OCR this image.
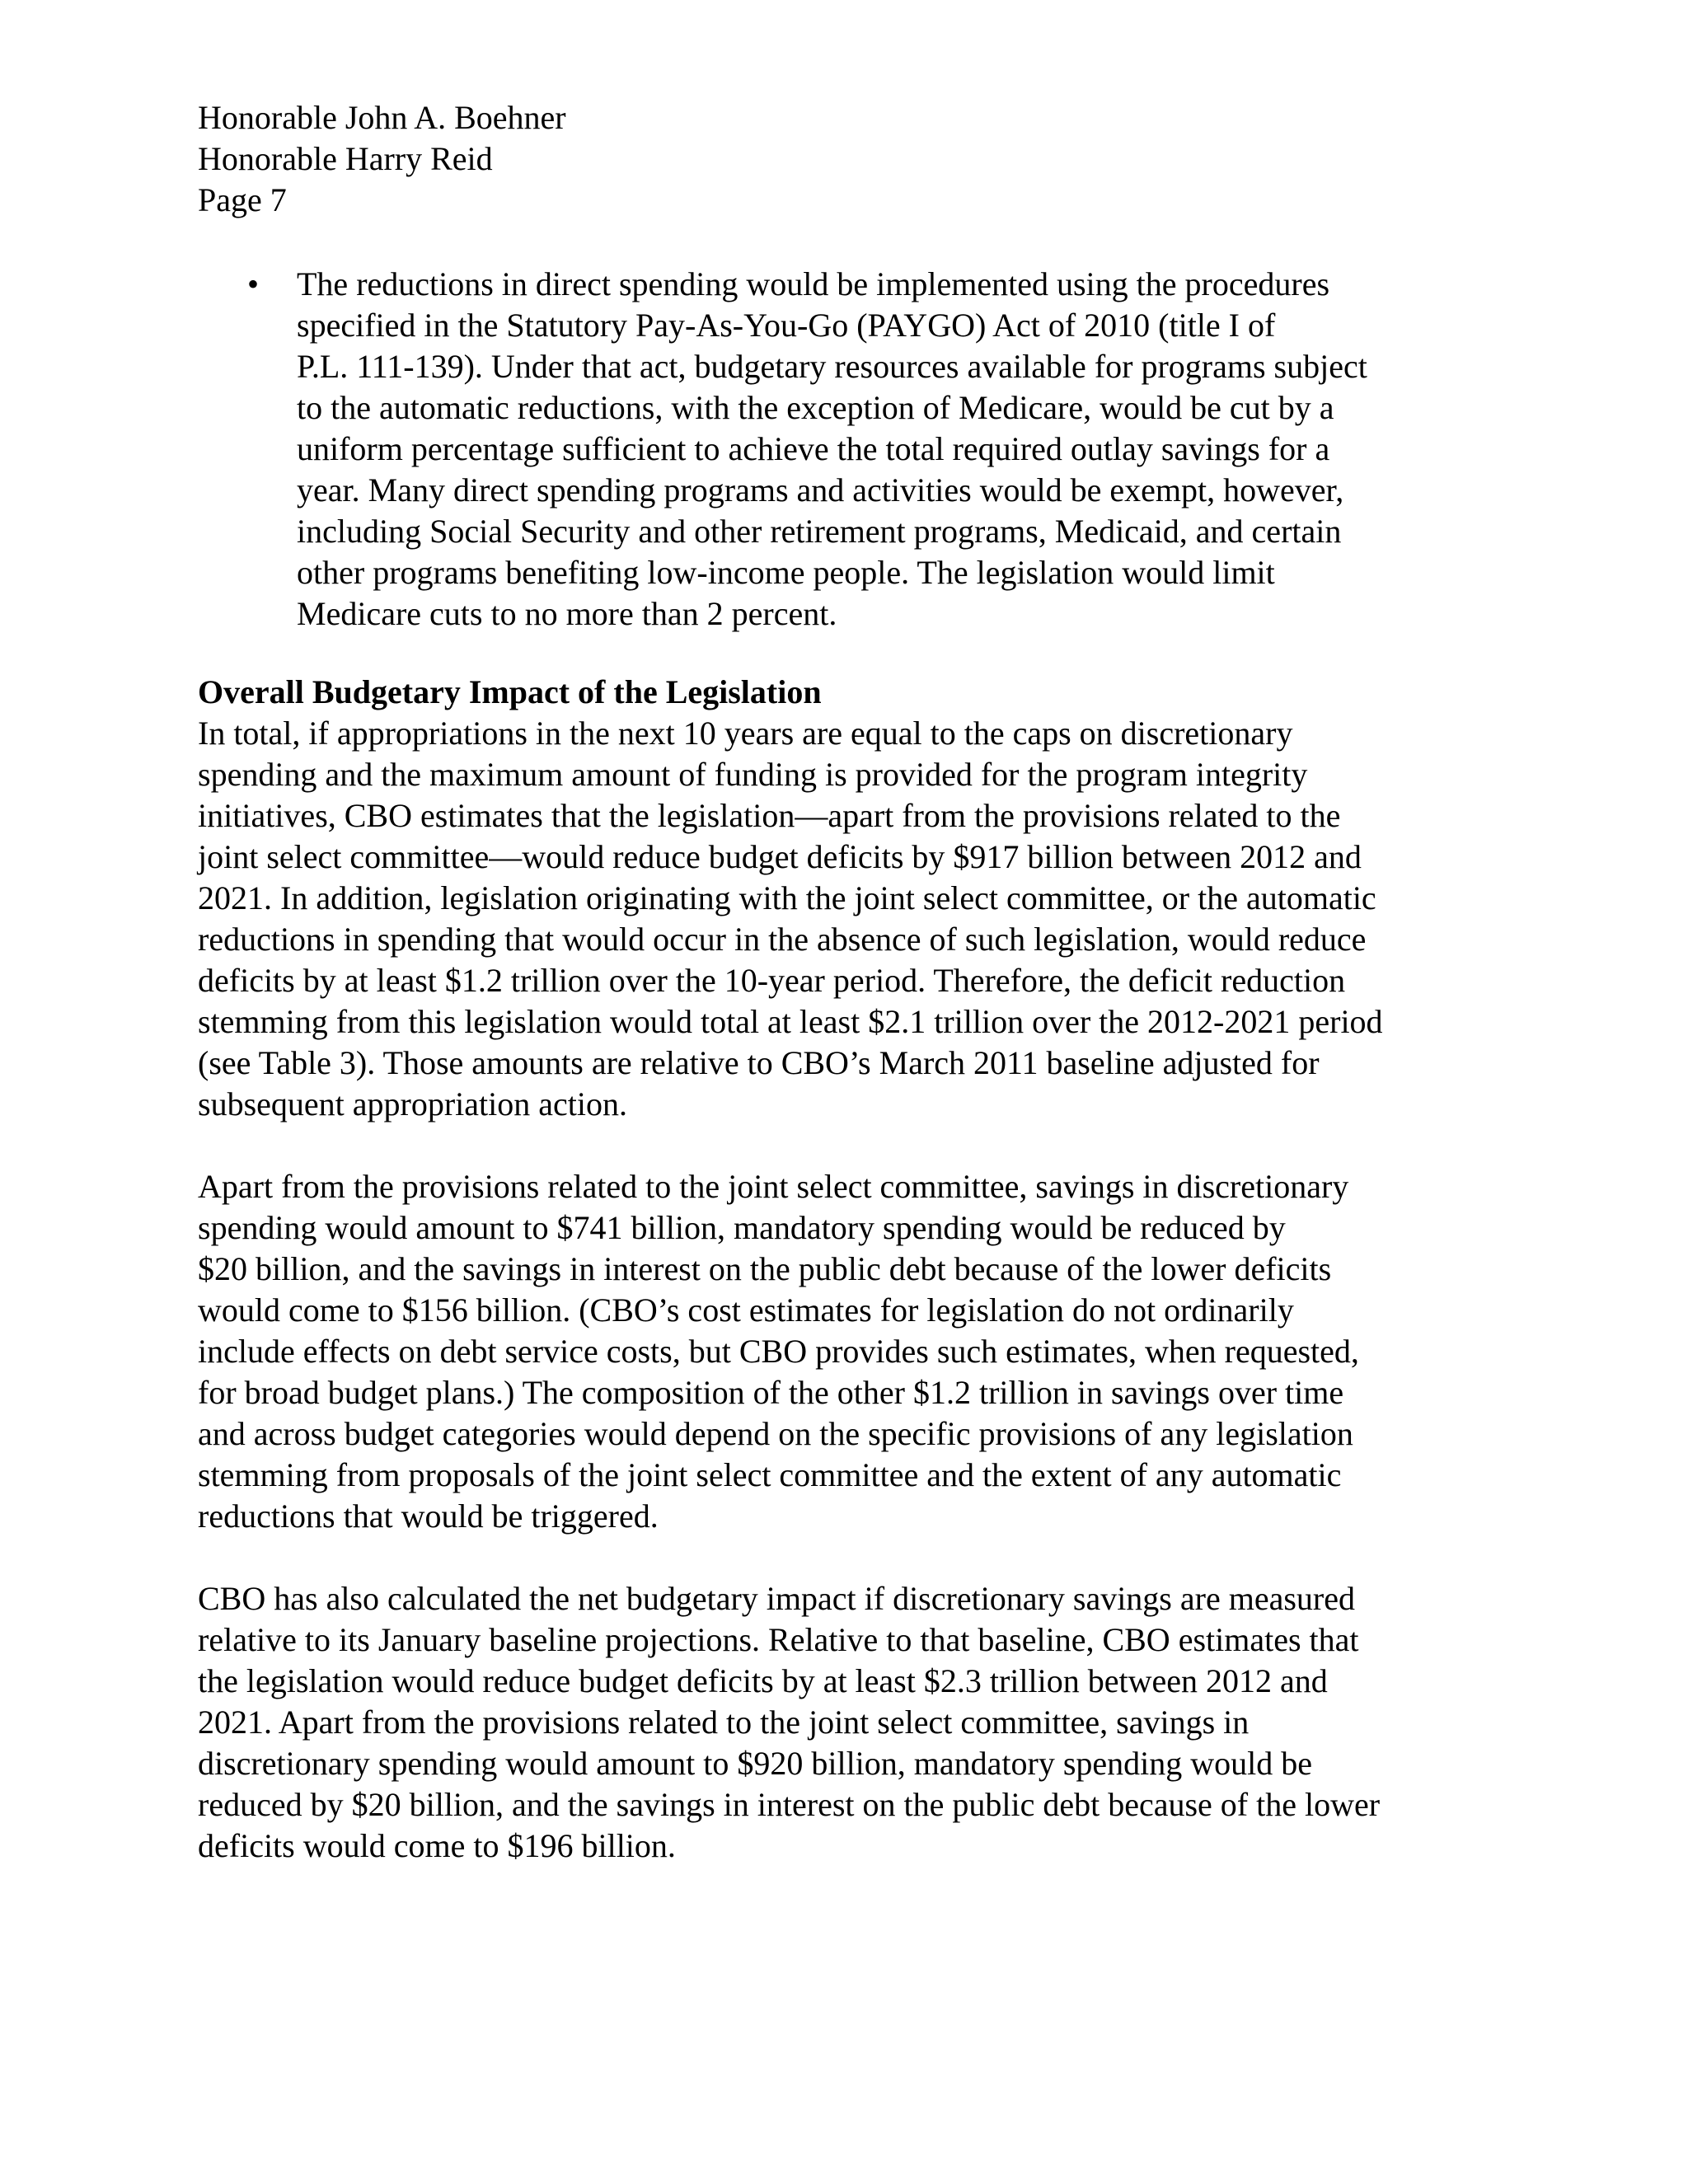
Honorable John A. Boehner
Honorable Harry Reid
Page 7
• The reductions in direct spending would be implemented using the procedures
specified in the Statutory Pay-As-You-Go (PAYGO) Act of 2010 (title I of
P.L. 111-139). Under that act, budgetary resources available for programs subject
to the automatic reductions, with the exception of Medicare, would be cut by a
uniform percentage sufficient to achieve the total required outlay savings for a
year. Many direct spending programs and activities would be exempt, however,
including Social Security and other retirement programs, Medicaid, and certain
other programs benefiting low-income people. The legislation would limit
Medicare cuts to no more than 2 percent.
Overall Budgetary Impact of the Legislation
In total, if appropriations in the next 10 years are equal to the caps on discretionary
spending and the maximum amount of funding is provided for the program integrity
initiatives, CBO estimates that the legislation—apart from the provisions related to the
joint select committee—would reduce budget deficits by $917 billion between 2012 and
2021. In addition, legislation originating with the joint select committee, or the automatic
reductions in spending that would occur in the absence of such legislation, would reduce
deficits by at least $1.2 trillion over the 10-year period. Therefore, the deficit reduction
stemming from this legislation would total at least $2.1 trillion over the 2012-2021 period
(see Table 3). Those amounts are relative to CBO’s March 2011 baseline adjusted for
subsequent appropriation action.
Apart from the provisions related to the joint select committee, savings in discretionary
spending would amount to $741 billion, mandatory spending would be reduced by
$20 billion, and the savings in interest on the public debt because of the lower deficits
would come to $156 billion. (CBO’s cost estimates for legislation do not ordinarily
include effects on debt service costs, but CBO provides such estimates, when requested,
for broad budget plans.) The composition of the other $1.2 trillion in savings over time
and across budget categories would depend on the specific provisions of any legislation
stemming from proposals of the joint select committee and the extent of any automatic
reductions that would be triggered.
CBO has also calculated the net budgetary impact if discretionary savings are measured
relative to its January baseline projections. Relative to that baseline, CBO estimates that
the legislation would reduce budget deficits by at least $2.3 trillion between 2012 and
2021. Apart from the provisions related to the joint select committee, savings in
discretionary spending would amount to $920 billion, mandatory spending would be
reduced by $20 billion, and the savings in interest on the public debt because of the lower
deficits would come to $196 billion.
